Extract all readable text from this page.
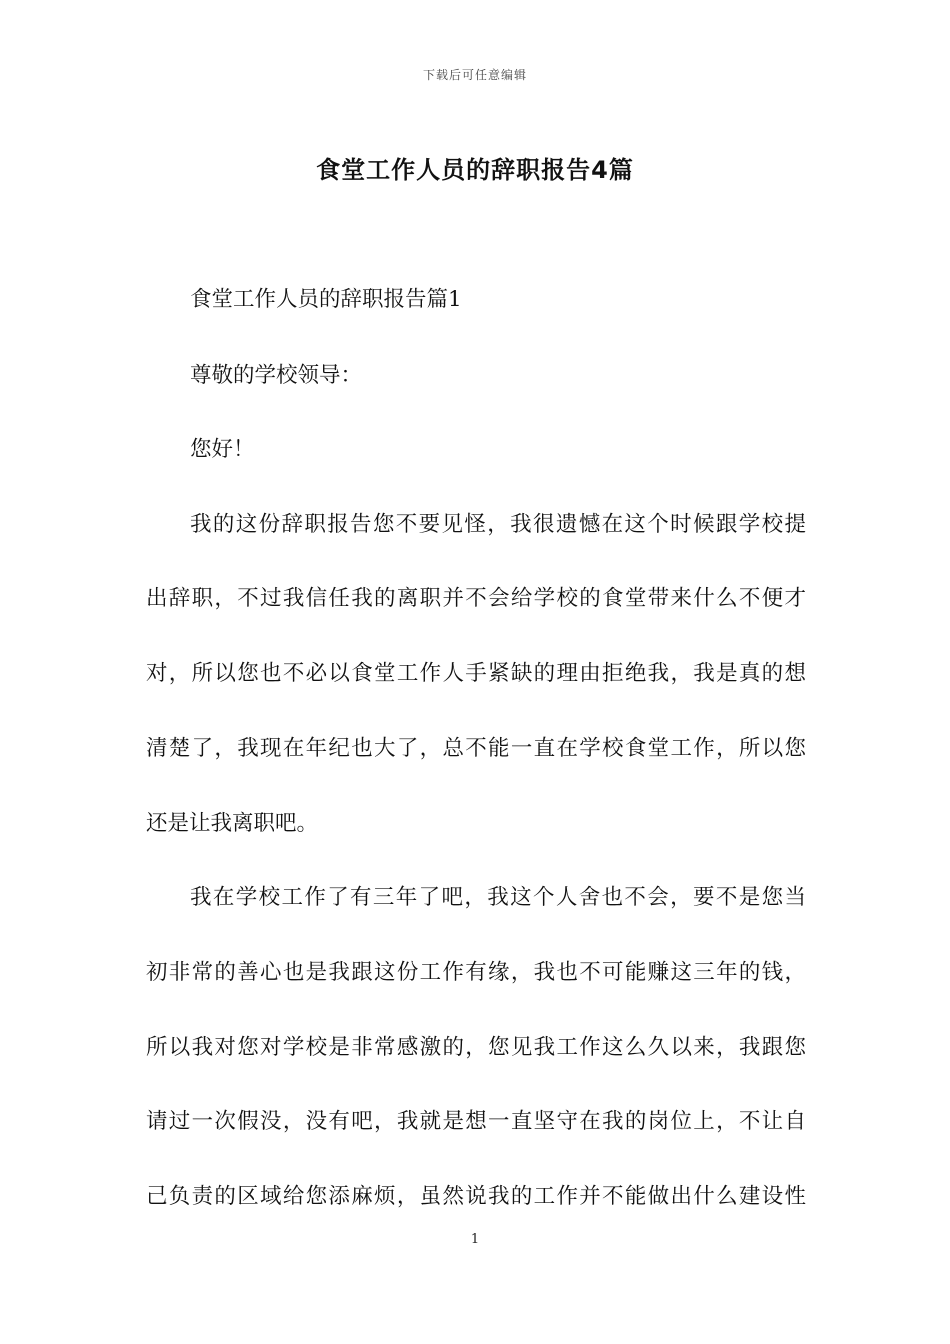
下载后可任意编辑
食堂工作人员的辞职报告4篇
食堂工作人员的辞职报告篇1
尊敬的学校领导：
您好！
我的这份辞职报告您不要见怪，我很遗憾在这个时候跟学校提
出辞职，不过我信任我的离职并不会给学校的食堂带来什么不便才
对，所以您也不必以食堂工作人手紧缺的理由拒绝我，我是真的想
清楚了，我现在年纪也大了，总不能一直在学校食堂工作，所以您
还是让我离职吧。
我在学校工作了有三年了吧，我这个人舍也不会，要不是您当
初非常的善心也是我跟这份工作有缘，我也不可能赚这三年的钱，
所以我对您对学校是非常感激的，您见我工作这么久以来，我跟您
请过一次假没，没有吧，我就是想一直坚守在我的岗位上，不让自
己负责的区域给您添麻烦，虽然说我的工作并不能做出什么建设性
1
